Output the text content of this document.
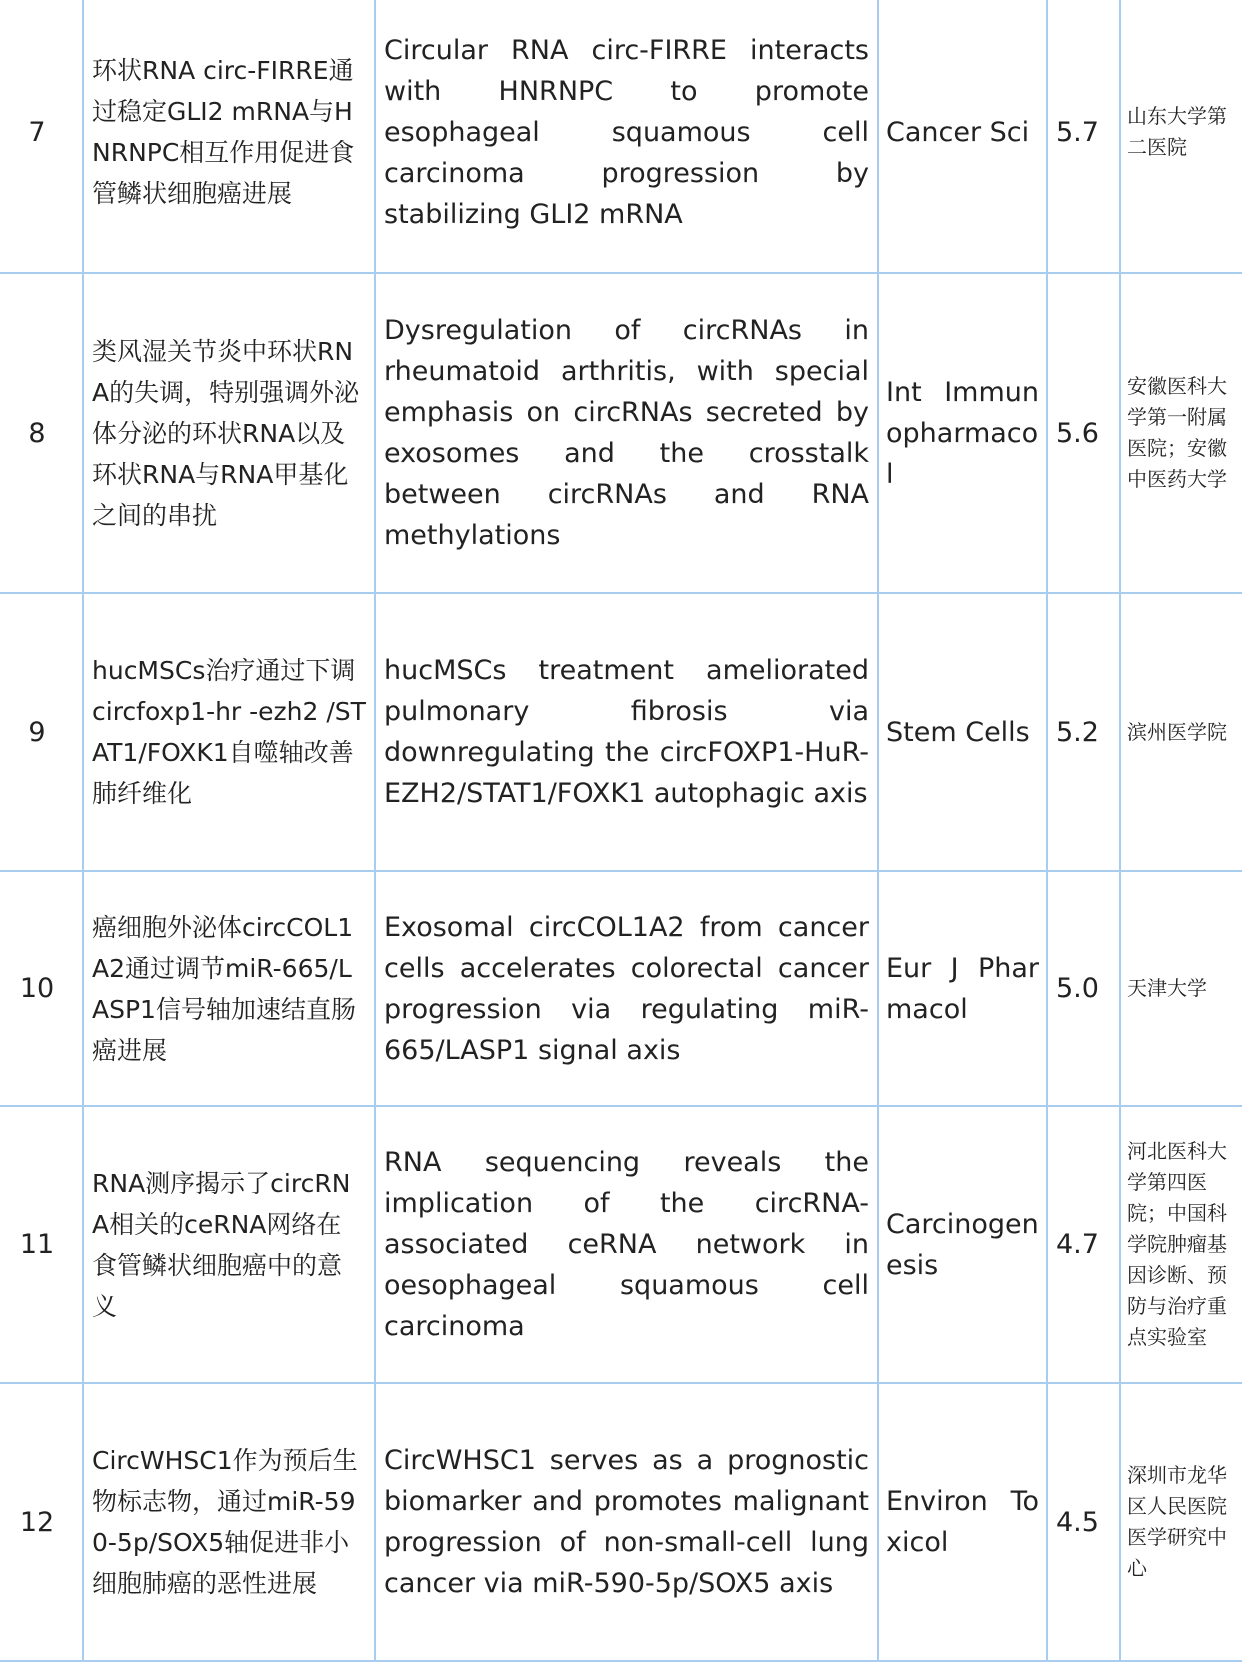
7	环状RNA circ-FIRRE通过稳定GLI2 mRNA与HNRNPC相互作用促进食管鳞状细胞癌进展	Circular RNA circ-FIRRE interacts with HNRNPC to promote esophageal squamous cell carcinoma progression by stabilizing GLI2 mRNA	Cancer Sci	5.7	山东大学第二医院
8	类风湿关节炎中环状RNA的失调，特别强调外泌体分泌的环状RNA以及环状RNA与RNA甲基化之间的串扰	Dysregulation of circRNAs in rheumatoid arthritis, with special emphasis on circRNAs secreted by exosomes and the crosstalk between circRNAs and RNA methylations	Int Immunopharmacol	5.6	安徽医科大学第一附属医院；安徽中医药大学
9	hucMSCs治疗通过下调circfoxp1-hr -ezh2 /STAT1/FOXK1自噬轴改善肺纤维化	hucMSCs treatment ameliorated pulmonary fibrosis via downregulating the circFOXP1-HuR-EZH2/STAT1/FOXK1 autophagic axis	Stem Cells	5.2	滨州医学院
10	癌细胞外泌体circCOL1A2通过调节miR-665/LASP1信号轴加速结直肠癌进展	Exosomal circCOL1A2 from cancer cells accelerates colorectal cancer progression via regulating miR-665/LASP1 signal axis	Eur J Pharmacol	5.0	天津大学
11	RNA测序揭示了circRNA相关的ceRNA网络在食管鳞状细胞癌中的意义	RNA sequencing reveals the implication of the circRNA-associated ceRNA network in oesophageal squamous cell carcinoma	Carcinogenesis	4.7	河北医科大学第四医院；中国科学院肿瘤基因诊断、预防与治疗重点实验室
12	CircWHSC1作为预后生物标志物，通过miR-590-5p/SOX5轴促进非小细胞肺癌的恶性进展	CircWHSC1 serves as a prognostic biomarker and promotes malignant progression of non-small-cell lung cancer via miR-590-5p/SOX5 axis	Environ Toxicol	4.5	深圳市龙华区人民医院医学研究中心
